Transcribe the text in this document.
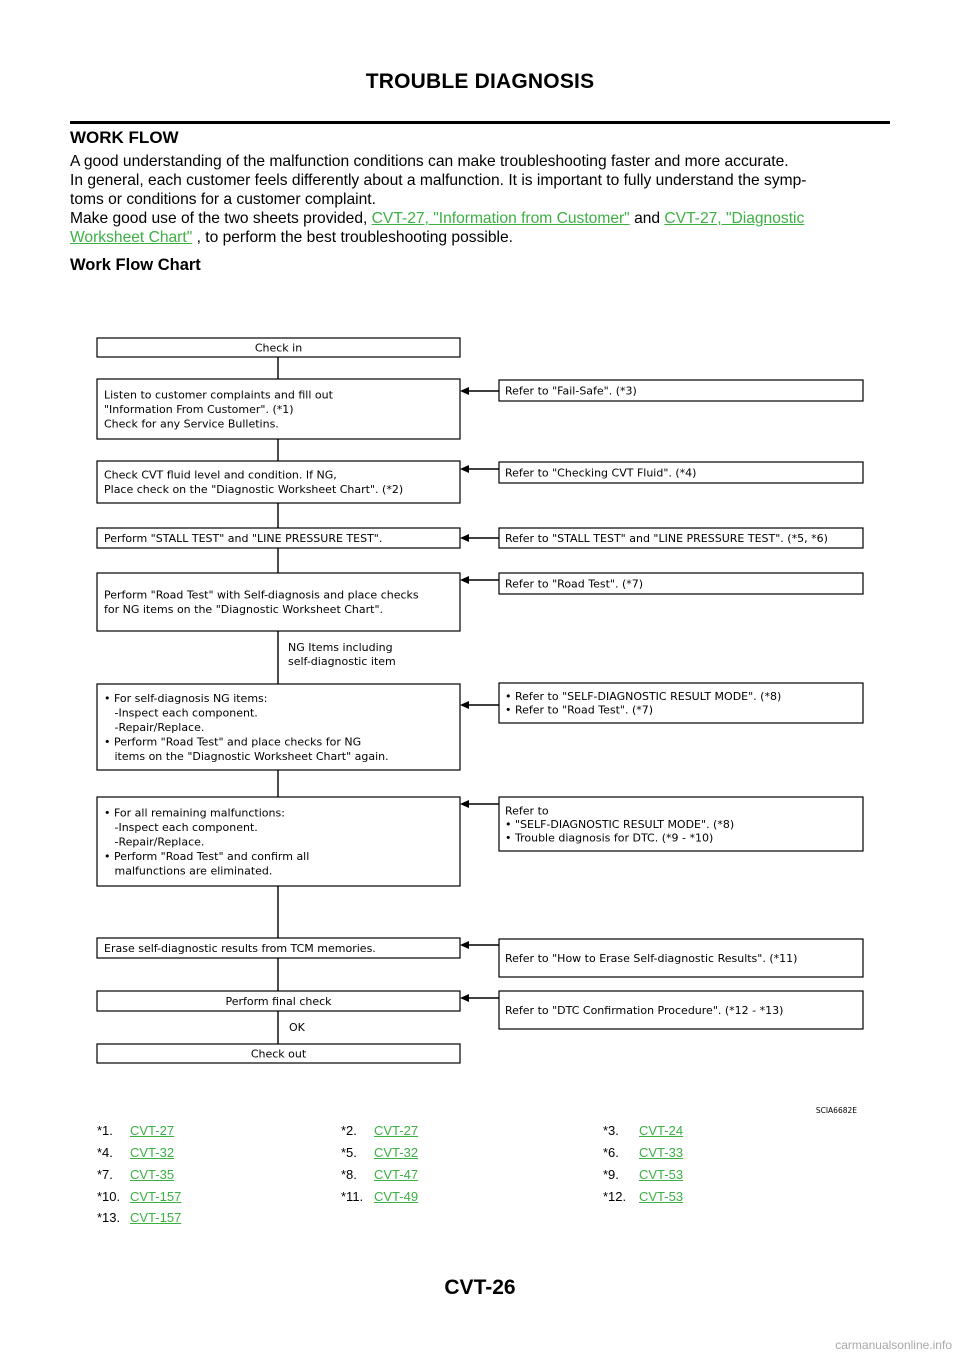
TROUBLE DIAGNOSIS
WORK FLOW
A good understanding of the malfunction conditions can make troubleshooting faster and more accurate.
In general, each customer feels differently about a malfunction. It is important to fully understand the symp-
toms or conditions for a customer complaint.
Make good use of the two sheets provided, CVT-27, "Information from Customer" and CVT-27, "Diagnostic
Worksheet Chart" , to perform the best troubleshooting possible.
Work Flow Chart
Check in
Listen to customer complaints and fill out
"Information From Customer". (*1)
Check for any Service Bulletins.
Check CVT fluid level and condition. If NG,
Place check on the "Diagnostic Worksheet Chart". (*2)
Perform "STALL TEST" and "LINE PRESSURE TEST".
Perform "Road Test" with Self-diagnosis and place checks
for NG items on the "Diagnostic Worksheet Chart".
• For self-diagnosis NG items:
-Inspect each component.
-Repair/Replace.
• Perform "Road Test" and place checks for NG
items on the "Diagnostic Worksheet Chart" again.
• For all remaining malfunctions:
-Inspect each component.
-Repair/Replace.
• Perform "Road Test" and confirm all
malfunctions are eliminated.
Erase self-diagnostic results from TCM memories.
Perform final check
Check out
Refer to "Fail-Safe". (*3)
Refer to "Checking CVT Fluid". (*4)
Refer to "STALL TEST" and "LINE PRESSURE TEST". (*5, *6)
Refer to "Road Test". (*7)
• Refer to "SELF-DIAGNOSTIC RESULT MODE". (*8)
• Refer to "Road Test". (*7)
Refer to
• "SELF-DIAGNOSTIC RESULT MODE". (*8)
• Trouble diagnosis for DTC. (*9 - *10)
Refer to "How to Erase Self-diagnostic Results". (*11)
Refer to "DTC Confirmation Procedure". (*12 - *13)
NG Items including
self-diagnostic item
OK
SCIA6682E
*1. CVT-27	*2. CVT-27	*3. CVT-24
*4. CVT-32	*5. CVT-32	*6. CVT-33
*7. CVT-35	*8. CVT-47	*9. CVT-53
*10. CVT-157	*11. CVT-49	*12. CVT-53
*13. CVT-157
CVT-26
carmanualsonline.info
